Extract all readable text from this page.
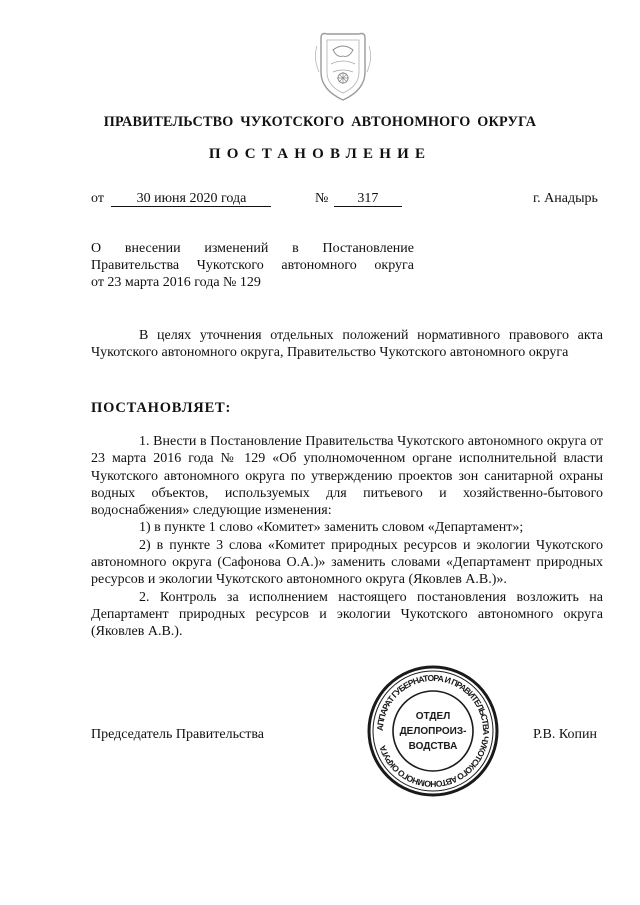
ПРАВИТЕЛЬСТВО ЧУКОТСКОГО АВТОНОМНОГО ОКРУГА
ПОСТАНОВЛЕНИЕ
от 30 июня 2020 года	№ 317	г. Анадырь
О внесении изменений в Постановление
Правительства Чукотского автономного округа
от 23 марта 2016 года № 129

В целях уточнения отдельных положений нормативного правового акта Чукотского автономного округа, Правительство Чукотского автономного округа

ПОСТАНОВЛЯЕТ:

1. Внести в Постановление Правительства Чукотского автономного округа от 23 марта 2016 года № 129 «Об уполномоченном органе исполнительной власти Чукотского автономного округа по утверждению проектов зон санитарной охраны водных объектов, используемых для питьевого и хозяйственно-бытового водоснабжения» следующие изменения:

1) в пункте 1 слово «Комитет» заменить словом «Департамент»;

2) в пункте 3 слова «Комитет природных ресурсов и экологии Чукотского автономного округа (Сафонова О.А.)» заменить словами «Департамент природных ресурсов и экологии Чукотского автономного округа (Яковлев А.В.)».

2. Контроль за исполнением настоящего постановления возложить на Департамент природных ресурсов и экологии Чукотского автономного округа (Яковлев А.В.).

Председатель Правительства	Р.В. Копин
АППАРАТ ГУБЕРНАТОРА И ПРАВИТЕЛЬСТВА ЧУКОТСКОГО АВТОНОМНОГО ОКРУГА
ОТДЕЛ
ДЕЛОПРОИЗ-
ВОДСТВА
